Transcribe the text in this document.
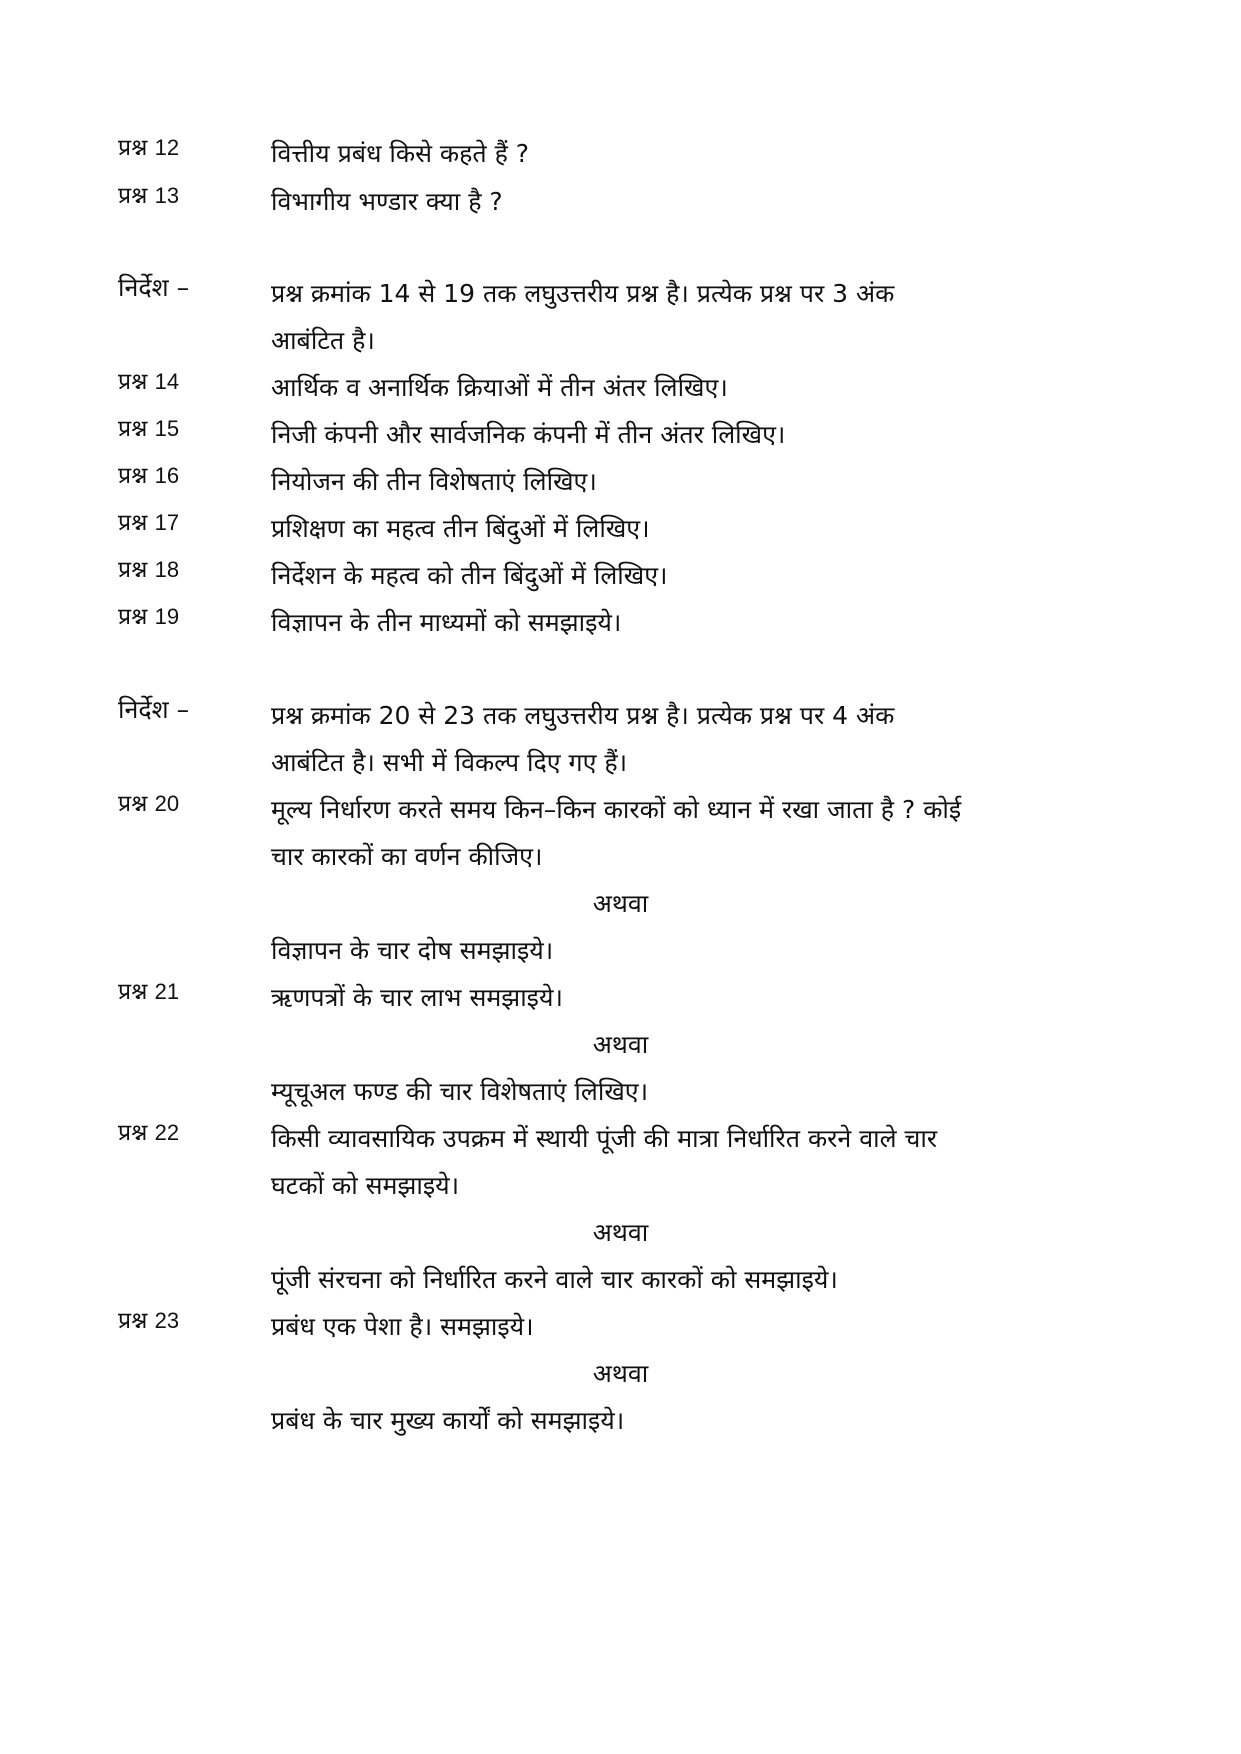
प्रश्न 12	वित्तीय प्रबंध किसे कहते हैं ?
प्रश्न 13	विभागीय भण्डार क्या है ?
निर्देश –	प्रश्न क्रमांक 14 से 19 तक लघुउत्तरीय प्रश्न है। प्रत्येक प्रश्न पर 3 अंक
आबंटित है।
प्रश्न 14	आर्थिक व अनार्थिक क्रियाओं में तीन अंतर लिखिए।
प्रश्न 15	निजी कंपनी और सार्वजनिक कंपनी में तीन अंतर लिखिए।
प्रश्न 16	नियोजन की तीन विशेषताएं लिखिए।
प्रश्न 17	प्रशिक्षण का महत्व तीन बिंदुओं में लिखिए।
प्रश्न 18	निर्देशन के महत्व को तीन बिंदुओं में लिखिए।
प्रश्न 19	विज्ञापन के तीन माध्यमों को समझाइये।
निर्देश –	प्रश्न क्रमांक 20 से 23 तक लघुउत्तरीय प्रश्न है। प्रत्येक प्रश्न पर 4 अंक
आबंटित है। सभी में विकल्प दिए गए हैं।
प्रश्न 20	मूल्य निर्धारण करते समय किन–किन कारकों को ध्यान में रखा जाता है ? कोई
चार कारकों का वर्णन कीजिए।
अथवा
विज्ञापन के चार दोष समझाइये।
प्रश्न 21	ऋणपत्रों के चार लाभ समझाइये।
अथवा
म्यूचूअल फण्ड की चार विशेषताएं लिखिए।
प्रश्न 22	किसी व्यावसायिक उपक्रम में स्थायी पूंजी की मात्रा निर्धारित करने वाले चार
घटकों को समझाइये।
अथवा
पूंजी संरचना को निर्धारित करने वाले चार कारकों को समझाइये।
प्रश्न 23	प्रबंध एक पेशा है। समझाइये।
अथवा
प्रबंध के चार मुख्य कार्यों को समझाइये।
